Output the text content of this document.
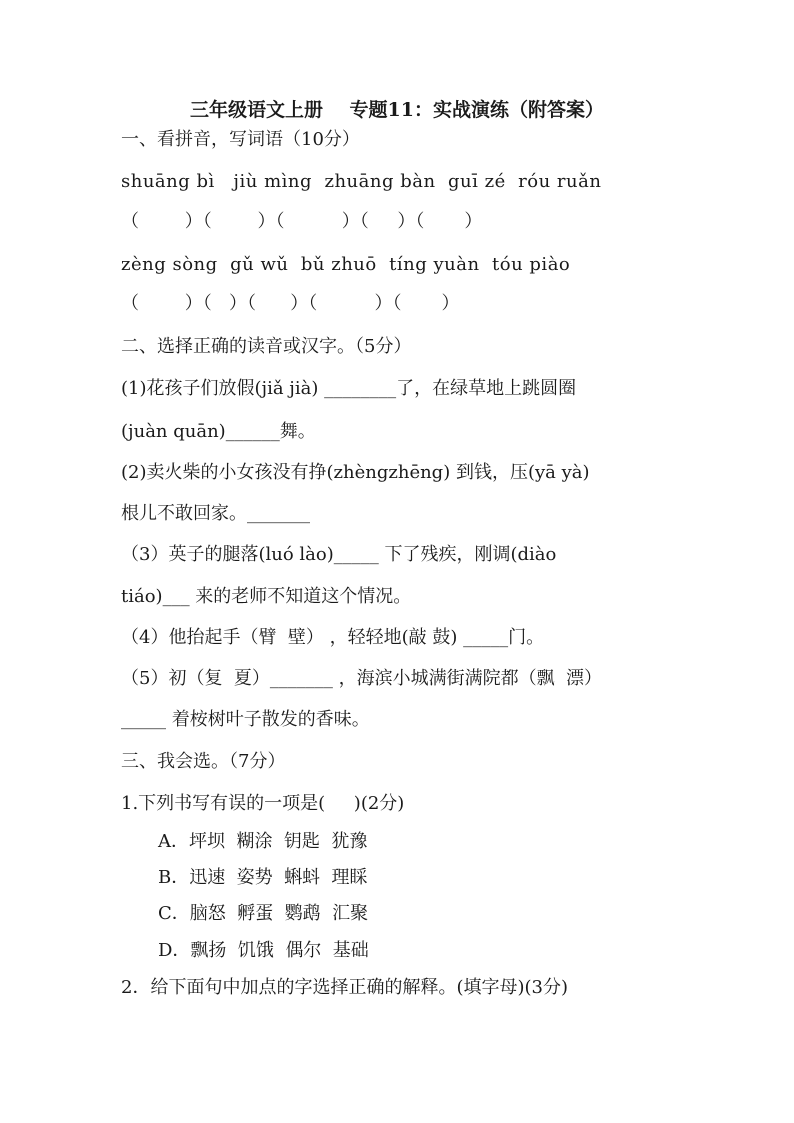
三年级语文上册    专题11：实战演练（附答案）
一、看拼音，写词语（10分）
shuāng bì   jiù mìng  zhuāng bàn  guī zé  róu ruǎn
（        ）（        ）（          ）（     ）（       ）
zèng sòng  gǔ wǔ  bǔ zhuō  tíng yuàn  tóu piào
（        ）（   ）（      ）（          ）（       ）
二、选择正确的读音或汉字。（5分）
(1)花孩子们放假(jiǎ jià) ________了，在绿草地上跳圆圈
(juàn quān)______舞。
(2)卖火柴的小女孩没有挣(zhèngzhēng) 到钱，压(yā yà)
根儿不敢回家。_______
（3）英子的腿落(luó lào)_____ 下了残疾，刚调(diào
tiáo)___ 来的老师不知道这个情况。
（4）他抬起手（臂  壁） ，轻轻地(敲 鼓) _____门。
（5）初（复  夏）_______ ，海滨小城满街满院都（飘  漂）
_____ 着桉树叶子散发的香味。
三、我会选。（7分）
1.下列书写有误的一项是(     )(2分)
A．坪坝  糊涂  钥匙  犹豫
B．迅速  姿势  蝌蚪  理睬
C．脑怒  孵蛋  鹦鹉  汇聚
D．飘扬  饥饿  偶尔  基础
2．给下面句中加点的字选择正确的解释。(填字母)(3分)
